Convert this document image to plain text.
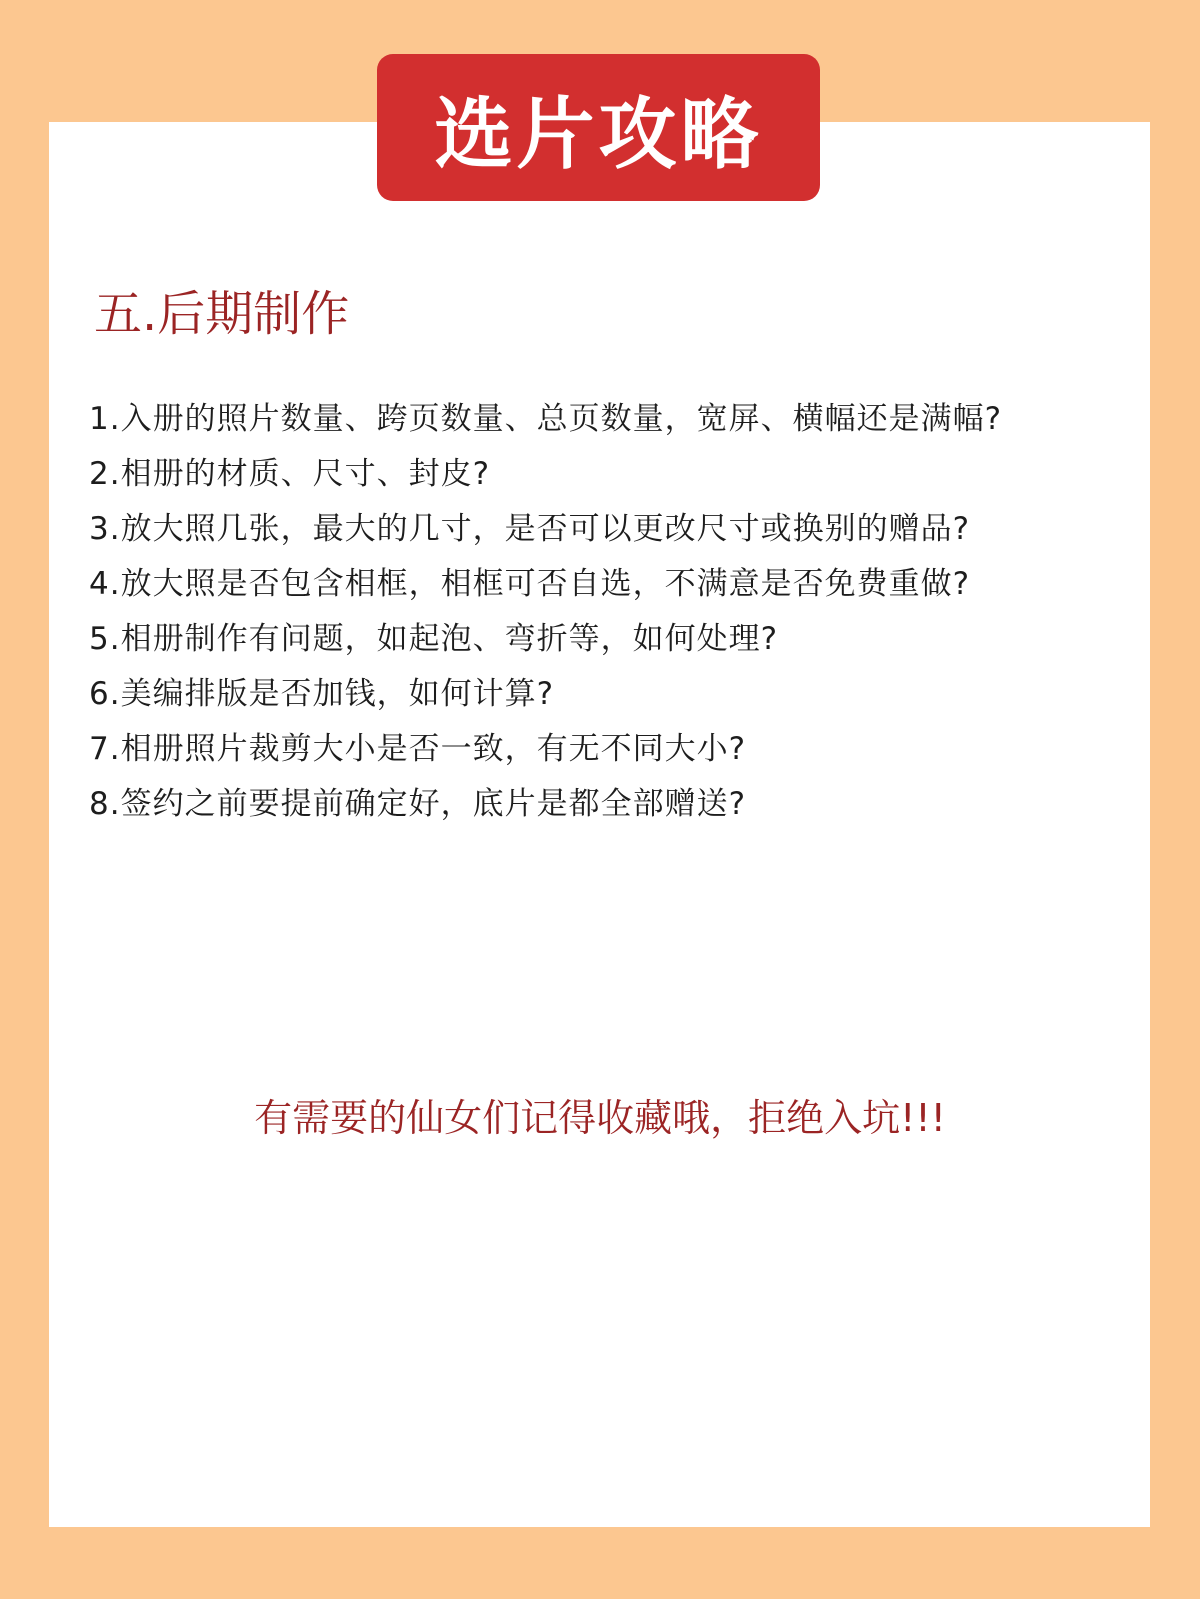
选片攻略
五.后期制作
1.入册的照片数量、跨页数量、总页数量，宽屏、横幅还是满幅?
2.相册的材质、尺寸、封皮?
3.放大照几张，最大的几寸，是否可以更改尺寸或换别的赠品?
4.放大照是否包含相框，相框可否自选，不满意是否免费重做?
5.相册制作有问题，如起泡、弯折等，如何处理?
6.美编排版是否加钱，如何计算?
7.相册照片裁剪大小是否一致，有无不同大小?
8.签约之前要提前确定好，底片是都全部赠送?
有需要的仙女们记得收藏哦，拒绝入坑!!!
